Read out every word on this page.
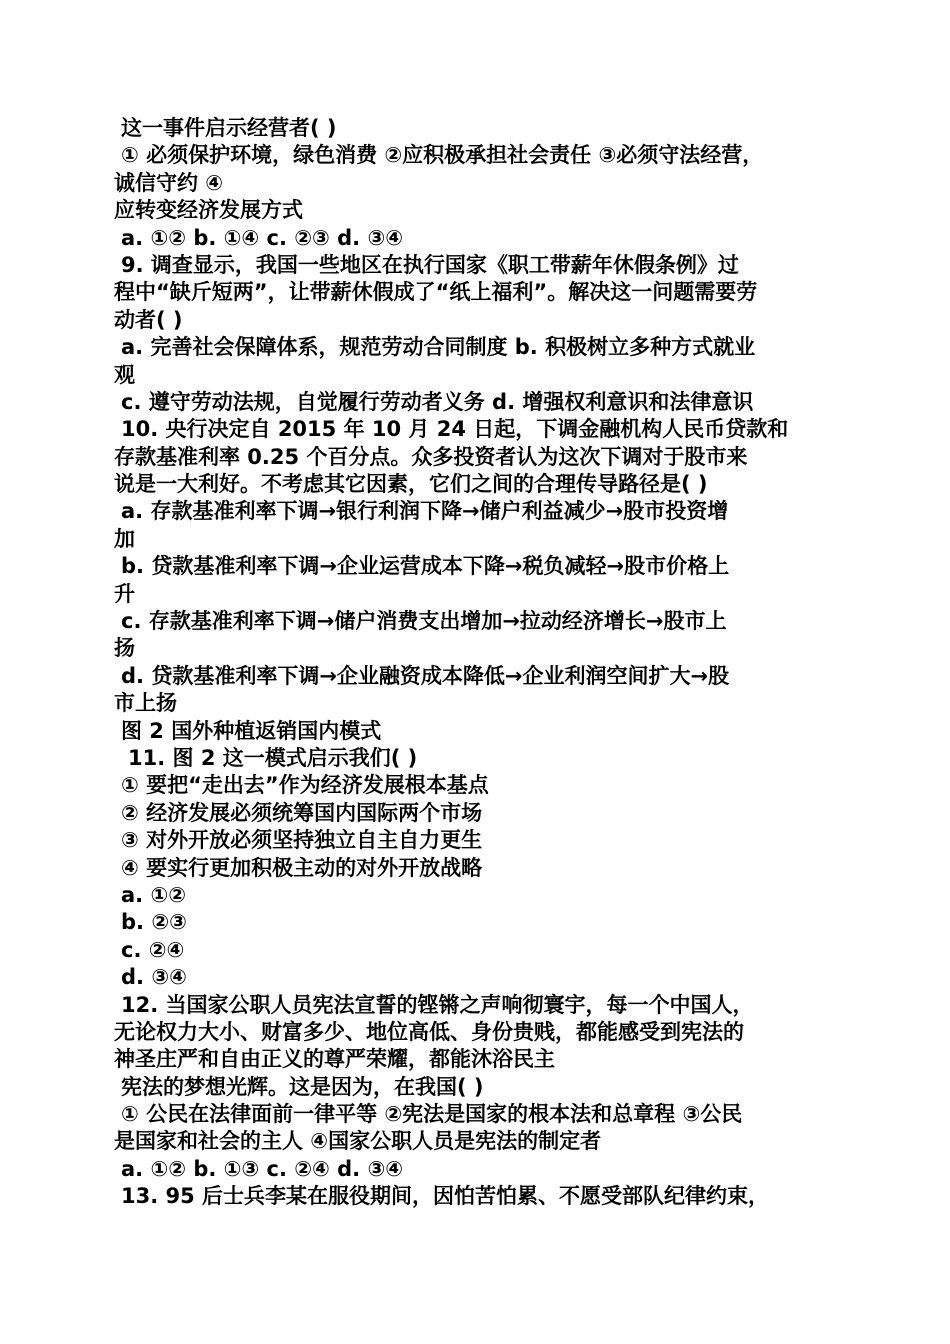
这一事件启示经营者( )
① 必须保护环境，绿色消费 ②应积极承担社会责任 ③必须守法经营，
诚信守约 ④
应转变经济发展方式
a. ①② b. ①④ c. ②③ d. ③④
9. 调查显示，我国一些地区在执行国家《职工带薪年休假条例》过
程中“缺斤短两”，让带薪休假成了“纸上福利”。解决这一问题需要劳
动者( )
a. 完善社会保障体系，规范劳动合同制度 b. 积极树立多种方式就业
观
c. 遵守劳动法规，自觉履行劳动者义务 d. 增强权利意识和法律意识
10. 央行决定自 2015 年 10 月 24 日起，下调金融机构人民币贷款和
存款基准利率 0.25 个百分点。众多投资者认为这次下调对于股市来
说是一大利好。不考虑其它因素，它们之间的合理传导路径是( )
a. 存款基准利率下调→银行利润下降→储户利益减少→股市投资增
加
b. 贷款基准利率下调→企业运营成本下降→税负减轻→股市价格上
升
c. 存款基准利率下调→储户消费支出增加→拉动经济增长→股市上
扬
d. 贷款基准利率下调→企业融资成本降低→企业利润空间扩大→股
市上扬
图 2 国外种植返销国内模式
11. 图 2 这一模式启示我们( )
① 要把“走出去”作为经济发展根本基点
② 经济发展必须统筹国内国际两个市场
③ 对外开放必须坚持独立自主自力更生
④ 要实行更加积极主动的对外开放战略
a. ①②
b. ②③
c. ②④
d. ③④
12. 当国家公职人员宪法宣誓的铿锵之声响彻寰宇，每一个中国人，
无论权力大小、财富多少、地位高低、身份贵贱，都能感受到宪法的
神圣庄严和自由正义的尊严荣耀，都能沐浴民主
宪法的梦想光辉。这是因为，在我国( )
① 公民在法律面前一律平等 ②宪法是国家的根本法和总章程 ③公民
是国家和社会的主人 ④国家公职人员是宪法的制定者
a. ①② b. ①③ c. ②④ d. ③④
13. 95 后士兵李某在服役期间，因怕苦怕累、不愿受部队纪律约束，
